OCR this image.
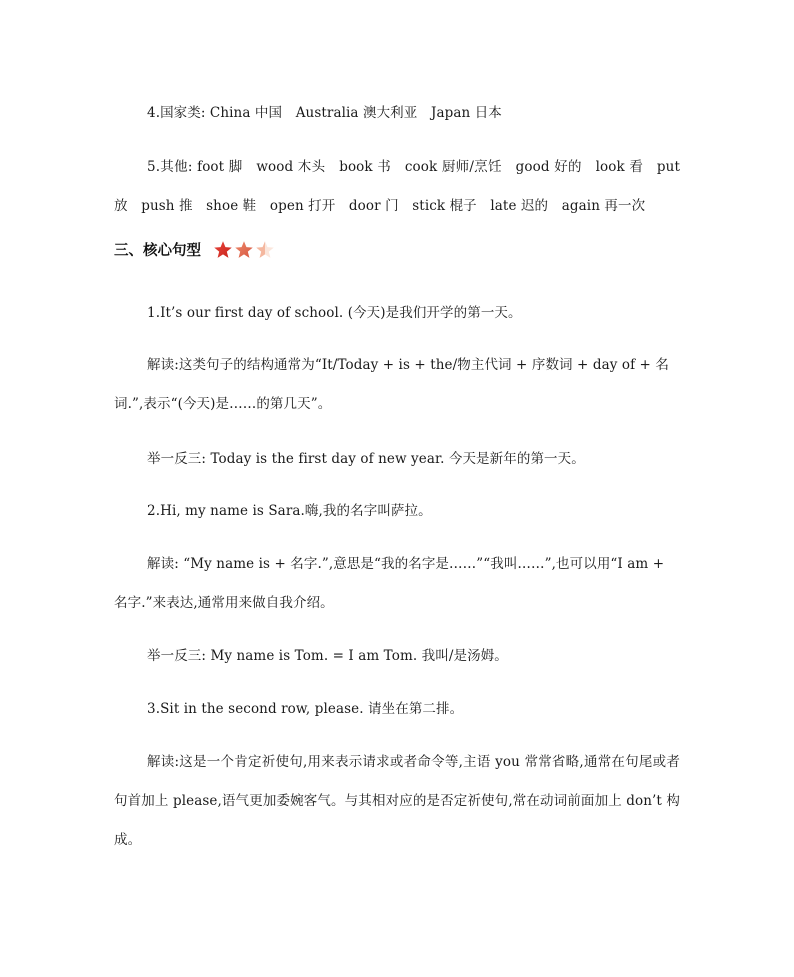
4.国家类: China 中国　Australia 澳大利亚　Japan 日本

5.其他: foot 脚　wood 木头　book 书　cook 厨师/烹饪　good 好的　look 看　put 放　push 推　shoe 鞋　open 打开　door 门　stick 棍子　late 迟的　again 再一次

三、核心句型

1.It’s our first day of school. (今天)是我们开学的第一天。

解读:这类句子的结构通常为“It/Today + is + the/物主代词 + 序数词 + day of + 名词.”,表示“(今天)是……的第几天”。

举一反三: Today is the first day of new year. 今天是新年的第一天。

2.Hi, my name is Sara.嗨,我的名字叫萨拉。

解读: “My name is + 名字.”,意思是“我的名字是……”“我叫……”,也可以用“I am + 名字.”来表达,通常用来做自我介绍。

举一反三: My name is Tom. = I am Tom. 我叫/是汤姆。

3.Sit in the second row, please. 请坐在第二排。

解读:这是一个肯定祈使句,用来表示请求或者命令等,主语 you 常常省略,通常在句尾或者句首加上 please,语气更加委婉客气。与其相对应的是否定祈使句,常在动词前面加上 don’t 构成。
